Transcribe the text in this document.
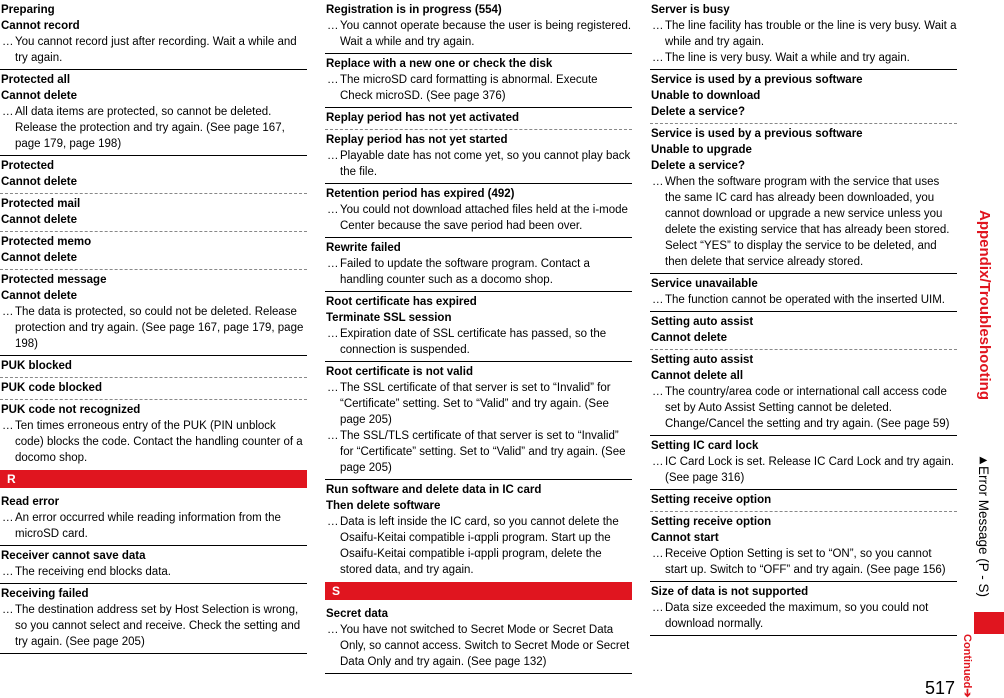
Preparing
Cannot record
… You cannot record just after recording. Wait a while and try again.
Protected all
Cannot delete
… All data items are protected, so cannot be deleted. Release the protection and try again. (See page 167, page 179, page 198)
Protected
Cannot delete
Protected mail
Cannot delete
Protected memo
Cannot delete
Protected message
Cannot delete
… The data is protected, so could not be deleted. Release protection and try again. (See page 167, page 179, page 198)
PUK blocked
PUK code blocked
PUK code not recognized
… Ten times erroneous entry of the PUK (PIN unblock code) blocks the code. Contact the handling counter of a docomo shop.
R
Read error
… An error occurred while reading information from the microSD card.
Receiver cannot save data
… The receiving end blocks data.
Receiving failed
… The destination address set by Host Selection is wrong, so you cannot select and receive. Check the setting and try again. (See page 205)
Registration is in progress (554)
… You cannot operate because the user is being registered. Wait a while and try again.
Replace with a new one or check the disk
… The microSD card formatting is abnormal. Execute Check microSD. (See page 376)
Replay period has not yet activated
Replay period has not yet started
… Playable date has not come yet, so you cannot play back the file.
Retention period has expired (492)
… You could not download attached files held at the i-mode Center because the save period had been over.
Rewrite failed
… Failed to update the software program. Contact a handling counter such as a docomo shop.
Root certificate has expired
Terminate SSL session
… Expiration date of SSL certificate has passed, so the connection is suspended.
Root certificate is not valid
… The SSL certificate of that server is set to “Invalid” for “Certificate” setting. Set to “Valid” and try again. (See page 205)
… The SSL/TLS certificate of that server is set to “Invalid” for “Certificate” setting. Set to “Valid” and try again. (See page 205)
Run software and delete data in IC card
Then delete software
… Data is left inside the IC card, so you cannot delete the Osaifu-Keitai compatible i-αppli program. Start up the Osaifu-Keitai compatible i-αppli program, delete the stored data, and try again.
S
Secret data
… You have not switched to Secret Mode or Secret Data Only, so cannot access. Switch to Secret Mode or Secret Data Only and try again. (See page 132)
Server is busy
… The line facility has trouble or the line is very busy. Wait a while and try again.
… The line is very busy. Wait a while and try again.
Service is used by a previous software
Unable to download
Delete a service?
Service is used by a previous software
Unable to upgrade
Delete a service?
… When the software program with the service that uses the same IC card has already been downloaded, you cannot download or upgrade a new service unless you delete the existing service that has already been stored. Select “YES” to display the service to be deleted, and then delete that service already stored.
Service unavailable
… The function cannot be operated with the inserted UIM.
Setting auto assist
Cannot delete
Setting auto assist
Cannot delete all
… The country/area code or international call access code set by Auto Assist Setting cannot be deleted. Change/Cancel the setting and try again. (See page 59)
Setting IC card lock
… IC Card Lock is set. Release IC Card Lock and try again. (See page 316)
Setting receive option
Setting receive option
Cannot start
… Receive Option Setting is set to “ON”, so you cannot start up. Switch to “OFF” and try again. (See page 156)
Size of data is not supported
… Data size exceeded the maximum, so you could not download normally.
Appendix/Troubleshooting
▶Error Message (P - S)
Continued➔
517
